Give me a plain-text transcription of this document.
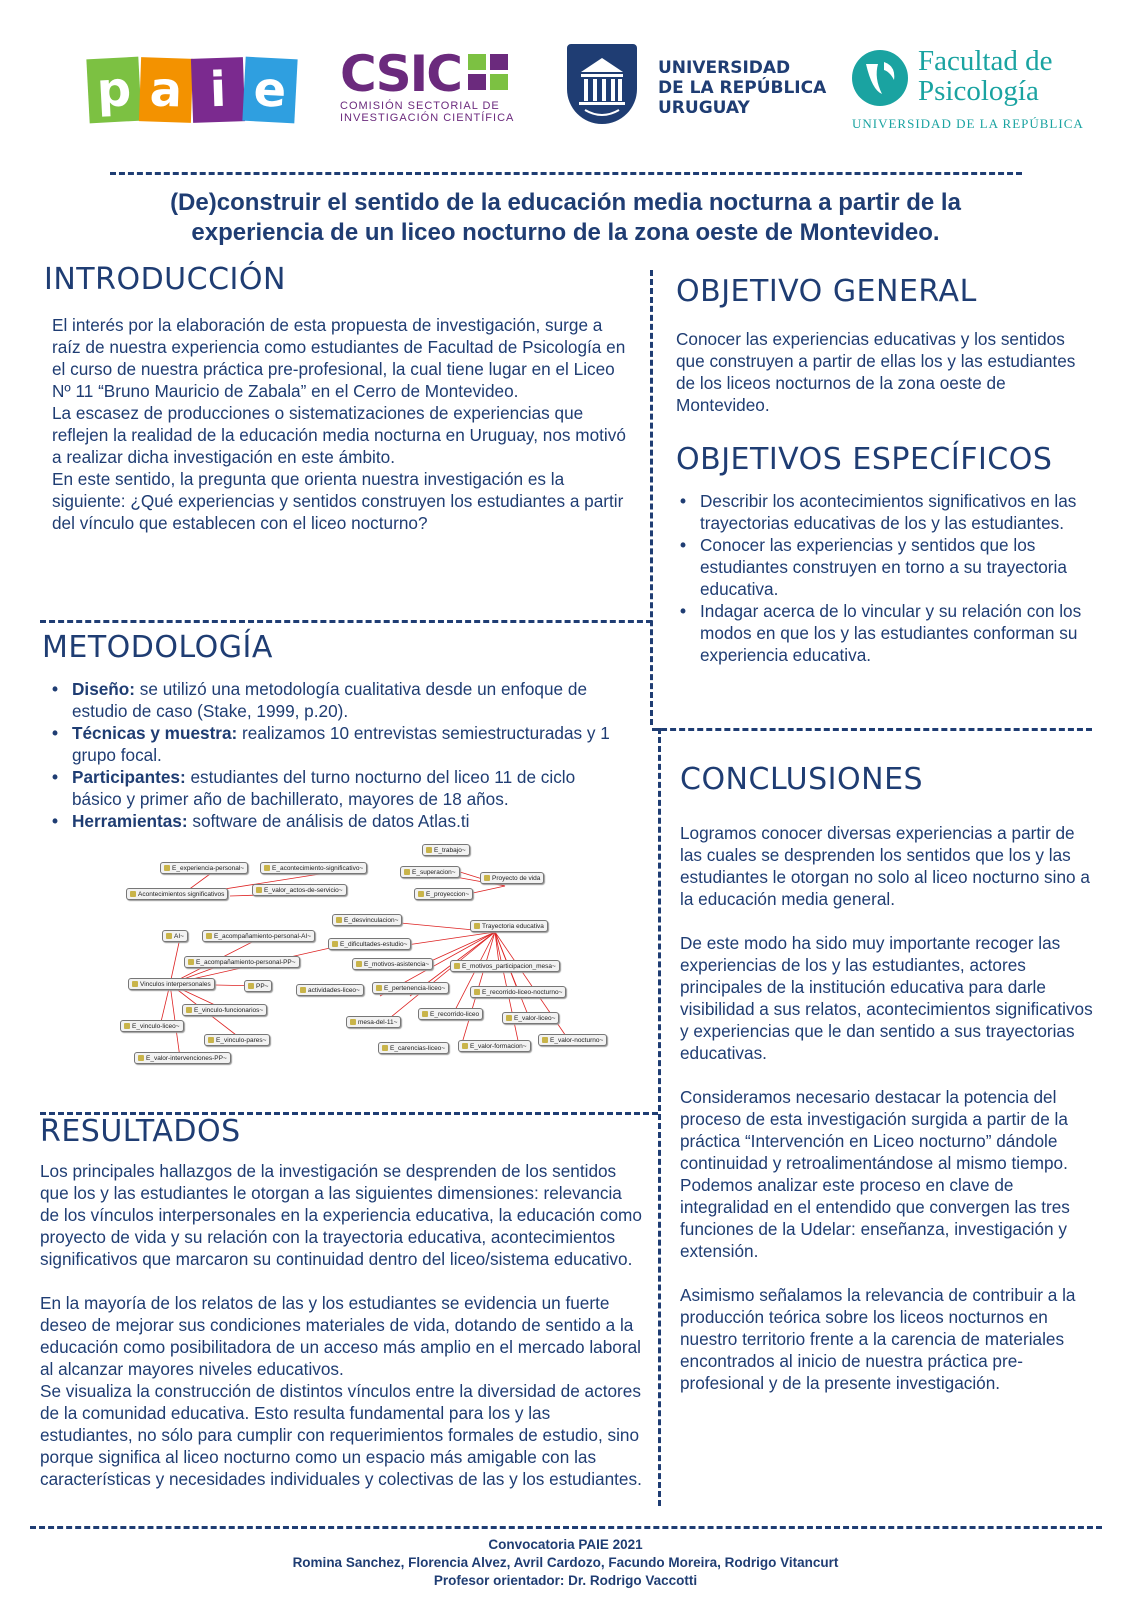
p a i e CSIC
COMISIÓN SECTORIAL DE
INVESTIGACIÓN CIENTÍFICA
UNIVERSIDAD
DE LA REPÚBLICA
URUGUAY
Facultad de
Psicología
UNIVERSIDAD DE LA REPÚBLICA
(De)construir el sentido de la educación media nocturna a partir de la
experiencia de un liceo nocturno de la zona oeste de Montevideo.
INTRODUCCIÓN

El interés por la elaboración de esta propuesta de investigación, surge a raíz de nuestra experiencia como estudiantes de Facultad de Psicología en el curso de nuestra práctica pre-profesional, la cual tiene lugar en el Liceo Nº 11 “Bruno Mauricio de Zabala” en el Cerro de Montevideo.

La escasez de producciones o sistematizaciones de experiencias que reflejen la realidad de la educación media nocturna en Uruguay, nos motivó a realizar dicha investigación en este ámbito.

En este sentido, la pregunta que orienta nuestra investigación es la siguiente: ¿Qué experiencias y sentidos construyen los estudiantes a partir del vínculo que establecen con el liceo nocturno?

METODOLOGÍA
• Diseño: se utilizó una metodología cualitativa desde un enfoque de estudio de caso (Stake, 1999, p.20).
• Técnicas y muestra: realizamos 10 entrevistas semiestructuradas y 1 grupo focal.
• Participantes: estudiantes del turno nocturno del liceo 11 de ciclo básico y primer año de bachillerato, mayores de 18 años.
• Herramientas: software de análisis de datos Atlas.ti
E_experiencia-personal~	E_acontecimiento-significativo~
Acontecimientos significativos
E_valor_actos-de-servicio~
E_trabajo~
E_superacion~
Proyecto de vida
E_proyeccion~
E_desvinculacion~
Trayectoria educativa
AI~	E_acompañamiento-personal-AI~
E_dificultades-estudio~
E_acompañamiento-personal-PP~	E_motivos-asistencia~	E_motivos_participacion_mesa~
Vinculos interpersonales	PP~
actividades-liceo~	E_pertenencia-liceo~
E_recorrido-liceo-nocturno~
E_vinculo-funcionarios~
E_vinculo-liceo~
mesa-del-11~
E_recorrido-liceo
E_valor-liceo~
E_vinculo-pares~
E_carencias-liceo~	E_valor-formacion~
E_valor-nocturno~
E_valor-intervenciones-PP~
RESULTADOS

Los principales hallazgos de la investigación se desprenden de los sentidos que los y las estudiantes le otorgan a las siguientes dimensiones: relevancia de los vínculos interpersonales en la experiencia educativa, la educación como proyecto de vida y su relación con la trayectoria educativa, acontecimientos significativos que marcaron su continuidad dentro del liceo/sistema educativo.

En la mayoría de los relatos de las y los estudiantes se evidencia un fuerte deseo de mejorar sus condiciones materiales de vida, dotando de sentido a la educación como posibilitadora de un acceso más amplio en el mercado laboral al alcanzar mayores niveles educativos.

Se visualiza la construcción de distintos vínculos entre la diversidad de actores de la comunidad educativa. Esto resulta fundamental para los y las estudiantes, no sólo para cumplir con requerimientos formales de estudio, sino porque significa al liceo nocturno como un espacio más amigable con las características y necesidades individuales y colectivas de las y los estudiantes.

OBJETIVO GENERAL
Conocer las experiencias educativas y los sentidos que construyen a partir de ellas los y las estudiantes de los liceos nocturnos de la zona oeste de Montevideo.
OBJETIVOS ESPECÍFICOS
• Describir los acontecimientos significativos en las trayectorias educativas de los y las estudiantes.
• Conocer las experiencias y sentidos que los estudiantes construyen en torno a su trayectoria educativa.
• Indagar acerca de lo vincular y su relación con los modos en que los y las estudiantes conforman su experiencia educativa.
CONCLUSIONES

Logramos conocer diversas experiencias a partir de las cuales se desprenden los sentidos que los y las estudiantes le otorgan no solo al liceo nocturno sino a la educación media general.

De este modo ha sido muy importante recoger las experiencias de los y las estudiantes, actores principales de la institución educativa para darle visibilidad a sus relatos, acontecimientos significativos y experiencias que le dan sentido a sus trayectorias educativas.

Consideramos necesario destacar la potencia del proceso de esta investigación surgida a partir de la práctica “Intervención en Liceo nocturno” dándole continuidad y retroalimentándose al mismo tiempo. Podemos analizar este proceso en clave de integralidad en el entendido que convergen las tres funciones de la Udelar: enseñanza, investigación y extensión.

Asimismo señalamos la relevancia de contribuir a la producción teórica sobre los liceos nocturnos en nuestro territorio frente a la carencia de materiales encontrados al inicio de nuestra práctica pre-profesional y de la presente investigación.

Convocatoria PAIE 2021
Romina Sanchez, Florencia Alvez, Avril Cardozo, Facundo Moreira, Rodrigo Vitancurt
Profesor orientador: Dr. Rodrigo Vaccotti
